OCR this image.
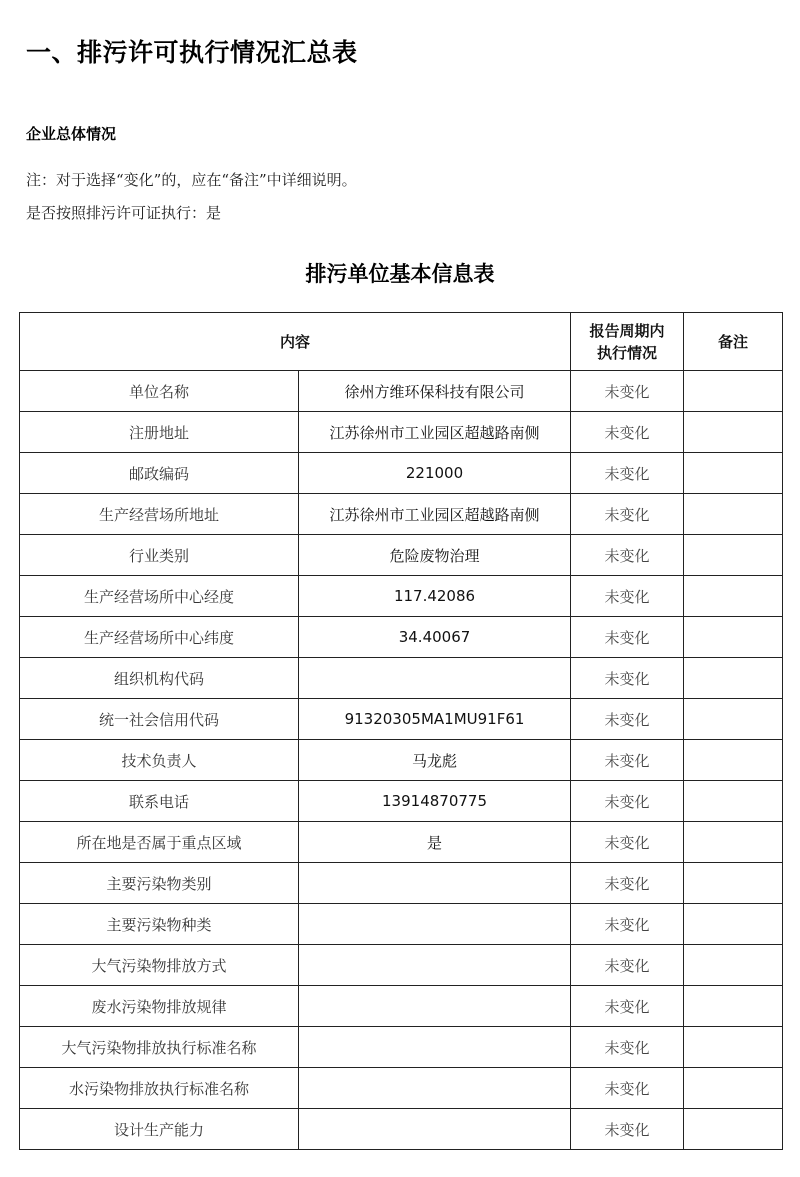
一、排污许可执行情况汇总表
企业总体情况
注：对于选择“变化”的，应在“备注”中详细说明。
是否按照排污许可证执行：是
排污单位基本信息表
内容		报告周期内
执行情况	备注
单位名称	徐州方维环保科技有限公司	未变化	
注册地址	江苏徐州市工业园区超越路南侧	未变化	
邮政编码	221000	未变化	
生产经营场所地址	江苏徐州市工业园区超越路南侧	未变化	
行业类别	危险废物治理	未变化	
生产经营场所中心经度	117.42086	未变化	
生产经营场所中心纬度	34.40067	未变化	
组织机构代码		未变化	
统一社会信用代码	91320305MA1MU91F61	未变化	
技术负责人	马龙彪	未变化	
联系电话	13914870775	未变化	
所在地是否属于重点区域	是	未变化	
主要污染物类别		未变化	
主要污染物种类		未变化	
大气污染物排放方式		未变化	
废水污染物排放规律		未变化	
大气污染物排放执行标准名称		未变化	
水污染物排放执行标准名称		未变化	
设计生产能力		未变化	
